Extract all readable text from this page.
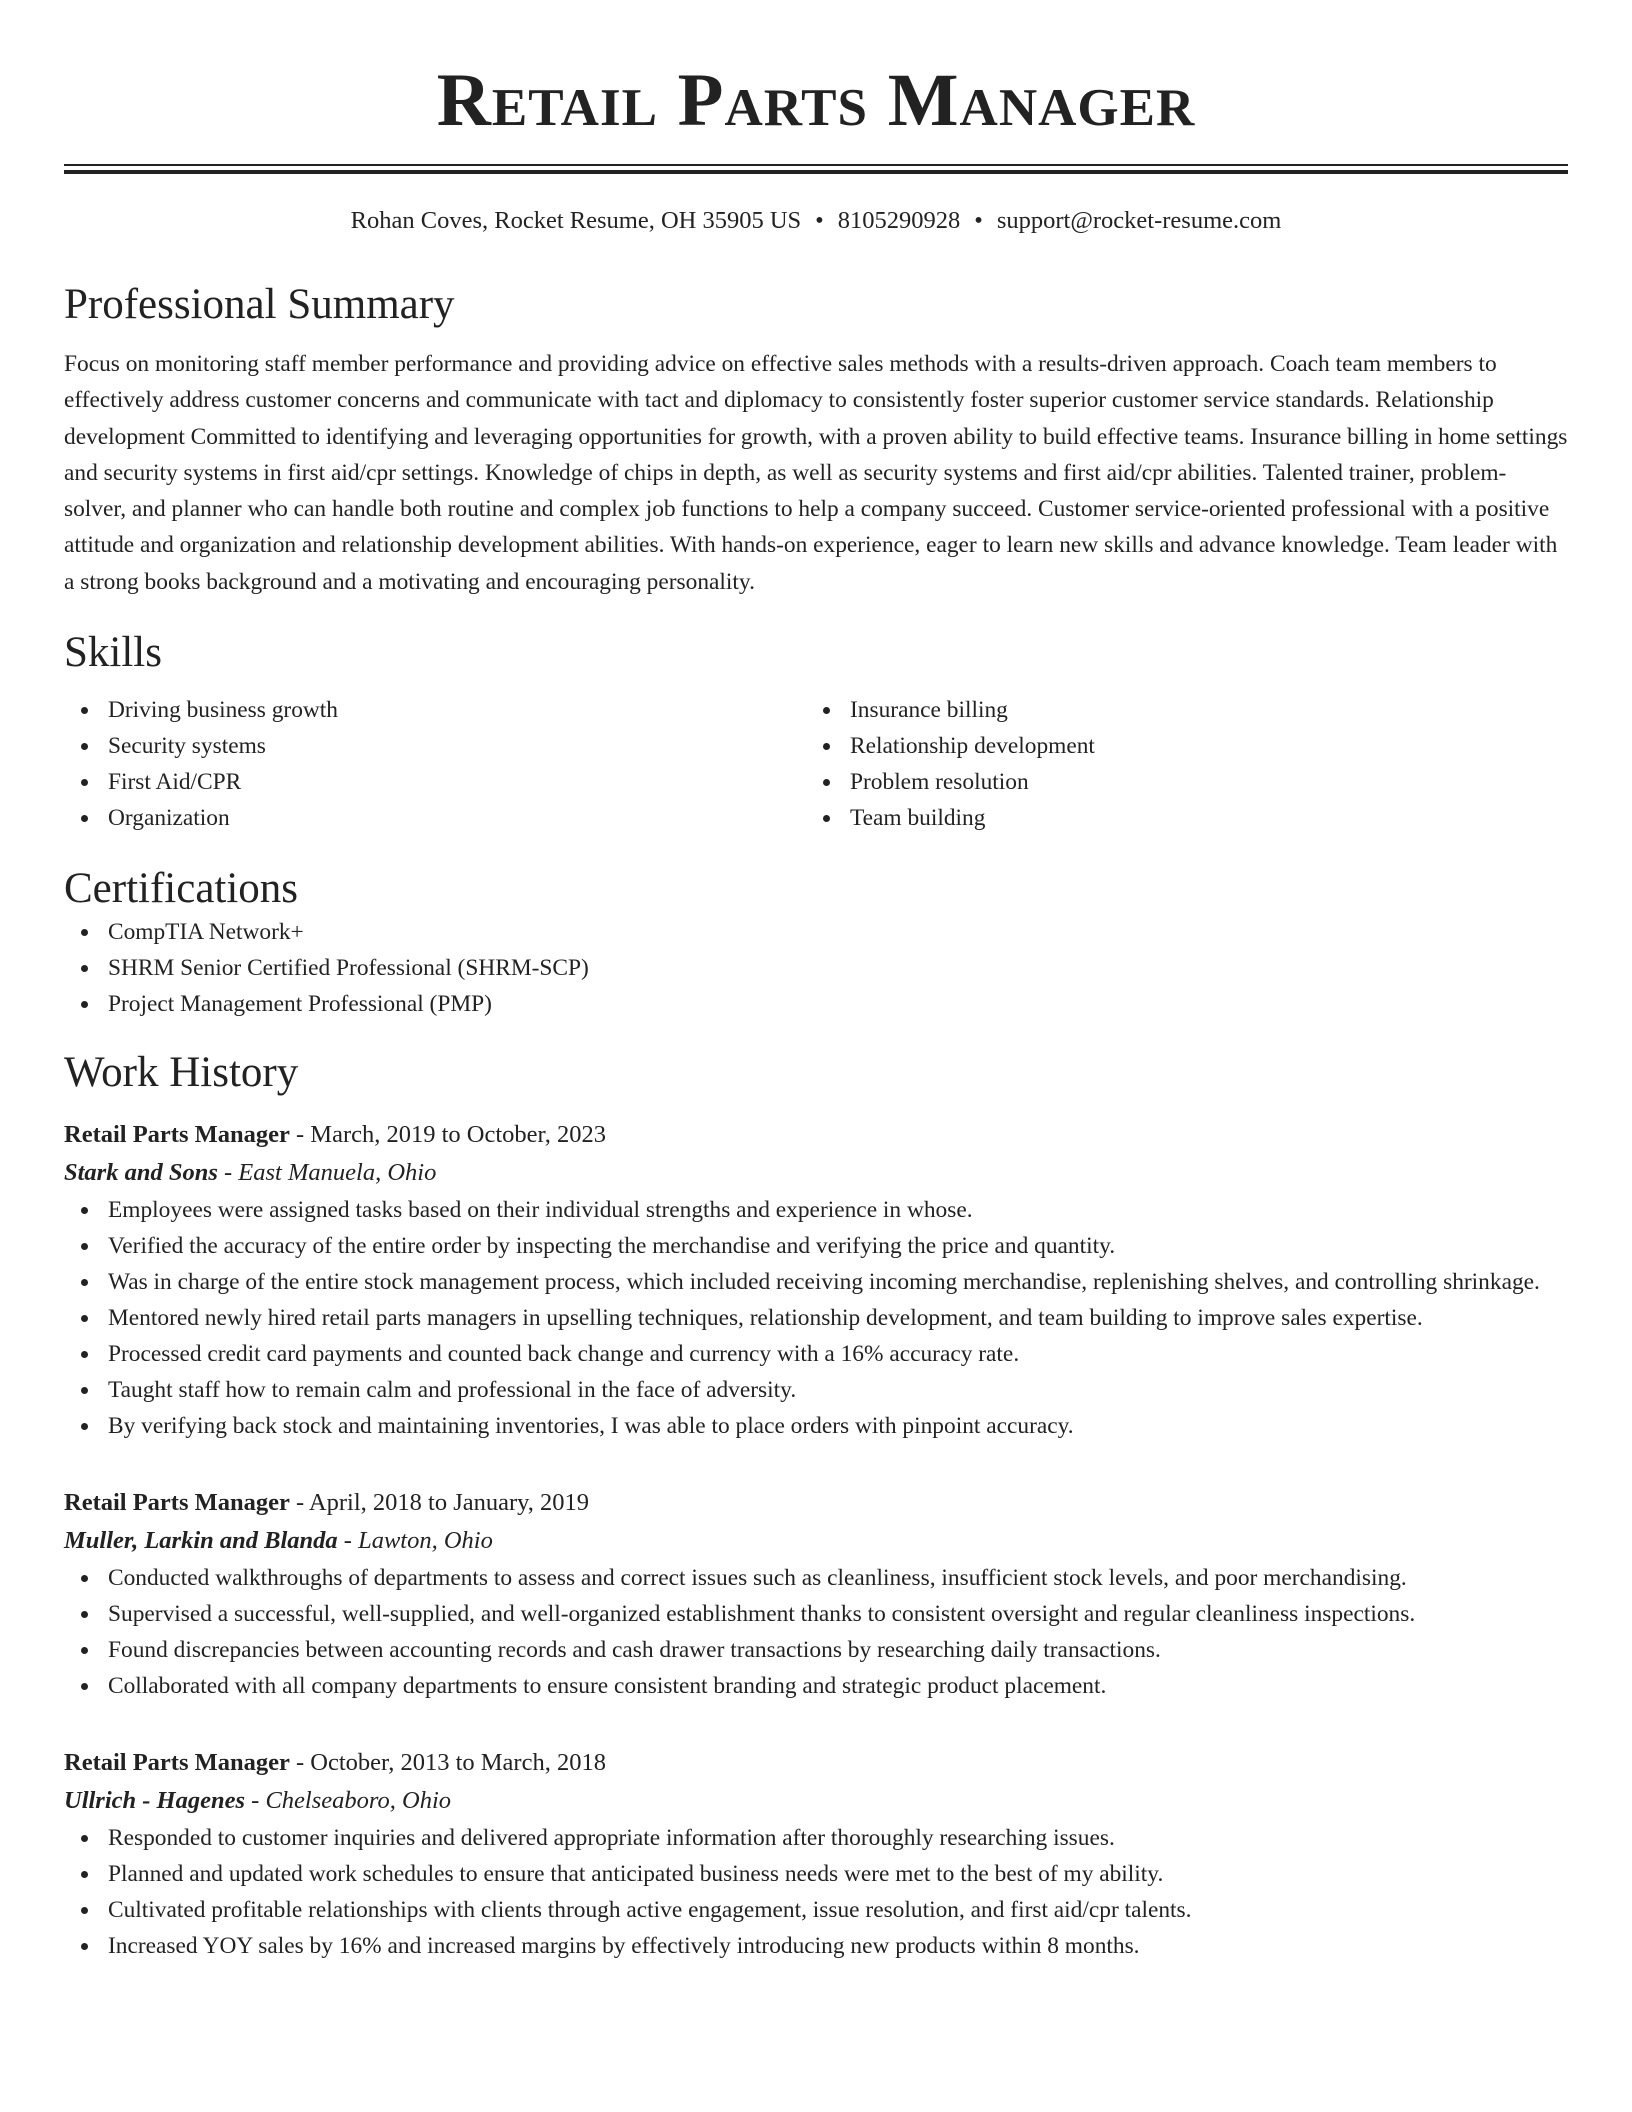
Retail Parts Manager
Rohan Coves, Rocket Resume, OH 35905 US • 8105290928 • support@rocket-resume.com
Professional Summary

Focus on monitoring staff member performance and providing advice on effective sales methods with a results-driven approach. Coach team members to effectively address customer concerns and communicate with tact and diplomacy to consistently foster superior customer service standards. Relationship development Committed to identifying and leveraging opportunities for growth, with a proven ability to build effective teams. Insurance billing in home settings and security systems in first aid/cpr settings. Knowledge of chips in depth, as well as security systems and first aid/cpr abilities. Talented trainer, problem-solver, and planner who can handle both routine and complex job functions to help a company succeed. Customer service-oriented professional with a positive attitude and organization and relationship development abilities. With hands-on experience, eager to learn new skills and advance knowledge. Team leader with a strong books background and a motivating and encouraging personality.

Skills
Driving business growth
Security systems
First Aid/CPR
Organization
Insurance billing
Relationship development
Problem resolution
Team building
Certifications
CompTIA Network+
SHRM Senior Certified Professional (SHRM-SCP)
Project Management Professional (PMP)
Work History
Retail Parts Manager - March, 2019 to October, 2023
Stark and Sons - East Manuela, Ohio
Employees were assigned tasks based on their individual strengths and experience in whose.
Verified the accuracy of the entire order by inspecting the merchandise and verifying the price and quantity.
Was in charge of the entire stock management process, which included receiving incoming merchandise, replenishing shelves, and controlling shrinkage.
Mentored newly hired retail parts managers in upselling techniques, relationship development, and team building to improve sales expertise.
Processed credit card payments and counted back change and currency with a 16% accuracy rate.
Taught staff how to remain calm and professional in the face of adversity.
By verifying back stock and maintaining inventories, I was able to place orders with pinpoint accuracy.
Retail Parts Manager - April, 2018 to January, 2019
Muller, Larkin and Blanda - Lawton, Ohio
Conducted walkthroughs of departments to assess and correct issues such as cleanliness, insufficient stock levels, and poor merchandising.
Supervised a successful, well-supplied, and well-organized establishment thanks to consistent oversight and regular cleanliness inspections.
Found discrepancies between accounting records and cash drawer transactions by researching daily transactions.
Collaborated with all company departments to ensure consistent branding and strategic product placement.
Retail Parts Manager - October, 2013 to March, 2018
Ullrich - Hagenes - Chelseaboro, Ohio
Responded to customer inquiries and delivered appropriate information after thoroughly researching issues.
Planned and updated work schedules to ensure that anticipated business needs were met to the best of my ability.
Cultivated profitable relationships with clients through active engagement, issue resolution, and first aid/cpr talents.
Increased YOY sales by 16% and increased margins by effectively introducing new products within 8 months.
